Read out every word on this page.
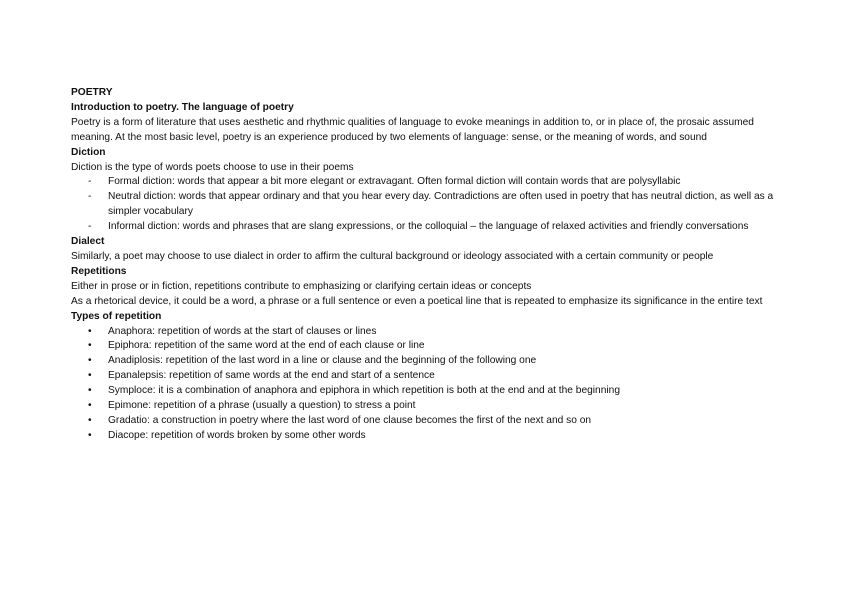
POETRY

Introduction to poetry. The language of poetry

Poetry is a form of literature that uses aesthetic and rhythmic qualities of language to evoke meanings in addition to, or in place of, the prosaic assumed meaning. At the most basic level, poetry is an experience produced by two elements of language: sense, or the meaning of words, and sound

Diction

Diction is the type of words poets choose to use in their poems

- Formal diction: words that appear a bit more elegant or extravagant. Often formal diction will contain words that are polysyllabic
- Neutral diction: words that appear ordinary and that you hear every day. Contradictions are often used in poetry that has neutral diction, as well as a simpler vocabulary
- Informal diction: words and phrases that are slang expressions, or the colloquial – the language of relaxed activities and friendly conversations

Dialect

Similarly, a poet may choose to use dialect in order to affirm the cultural background or ideology associated with a certain community or people

Repetitions

Either in prose or in fiction, repetitions contribute to emphasizing or clarifying certain ideas or concepts

As a rhetorical device, it could be a word, a phrase or a full sentence or even a poetical line that is repeated to emphasize its significance in the entire text

Types of repetition

• Anaphora: repetition of words at the start of clauses or lines
• Epiphora: repetition of the same word at the end of each clause or line
• Anadiplosis: repetition of the last word in a line or clause and the beginning of the following one
• Epanalepsis: repetition of same words at the end and start of a sentence
• Symploce: it is a combination of anaphora and epiphora in which repetition is both at the end and at the beginning
• Epimone: repetition of a phrase (usually a question) to stress a point
• Gradatio: a construction in poetry where the last word of one clause becomes the first of the next and so on
• Diacope: repetition of words broken by some other words
